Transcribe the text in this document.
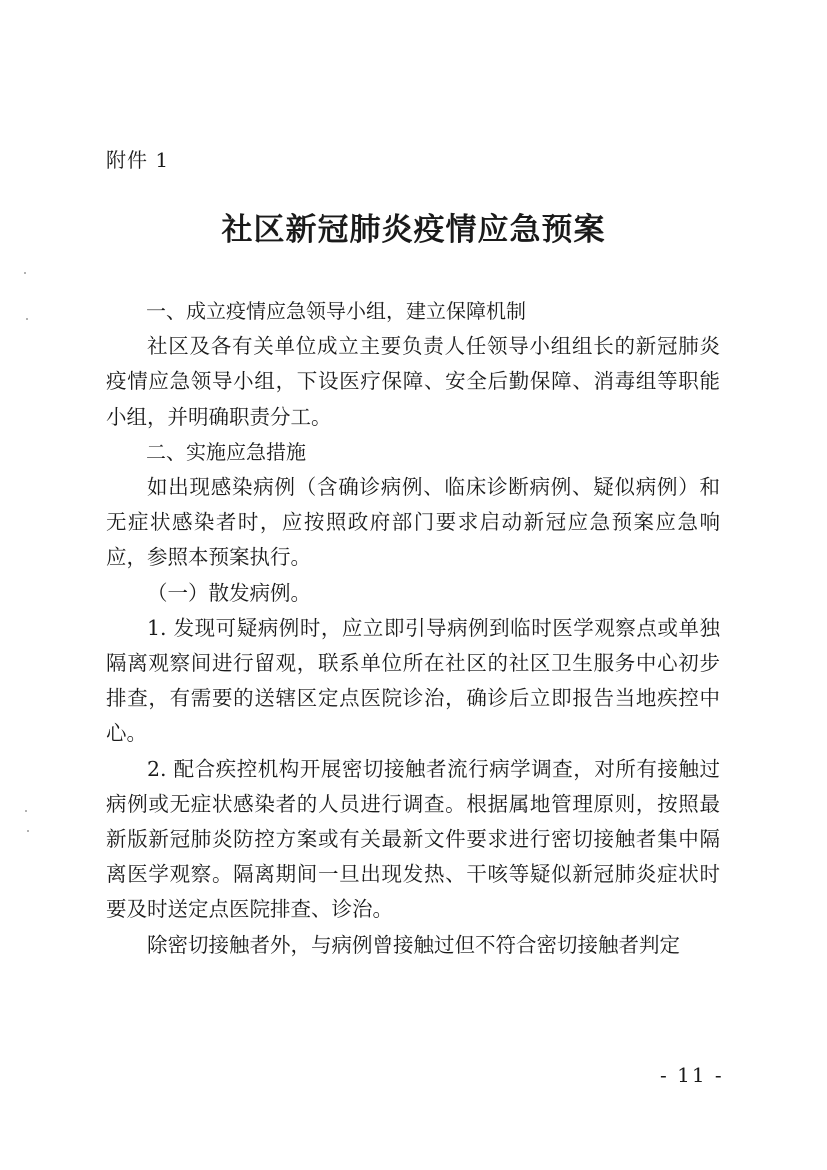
附件 1
社区新冠肺炎疫情应急预案

一、成立疫情应急领导小组，建立保障机制

社区及各有关单位成立主要负责人任领导小组组长的新冠肺炎疫情应急领导小组，下设医疗保障、安全后勤保障、消毒组等职能小组，并明确职责分工。

二、实施应急措施

如出现感染病例（含确诊病例、临床诊断病例、疑似病例）和无症状感染者时，应按照政府部门要求启动新冠应急预案应急响应，参照本预案执行。

（一）散发病例。

1. 发现可疑病例时，应立即引导病例到临时医学观察点或单独隔离观察间进行留观，联系单位所在社区的社区卫生服务中心初步排查，有需要的送辖区定点医院诊治，确诊后立即报告当地疾控中心。

2. 配合疾控机构开展密切接触者流行病学调查，对所有接触过病例或无症状感染者的人员进行调查。根据属地管理原则，按照最新版新冠肺炎防控方案或有关最新文件要求进行密切接触者集中隔离医学观察。隔离期间一旦出现发热、干咳等疑似新冠肺炎症状时要及时送定点医院排查、诊治。

除密切接触者外，与病例曾接触过但不符合密切接触者判定

- 11 -
